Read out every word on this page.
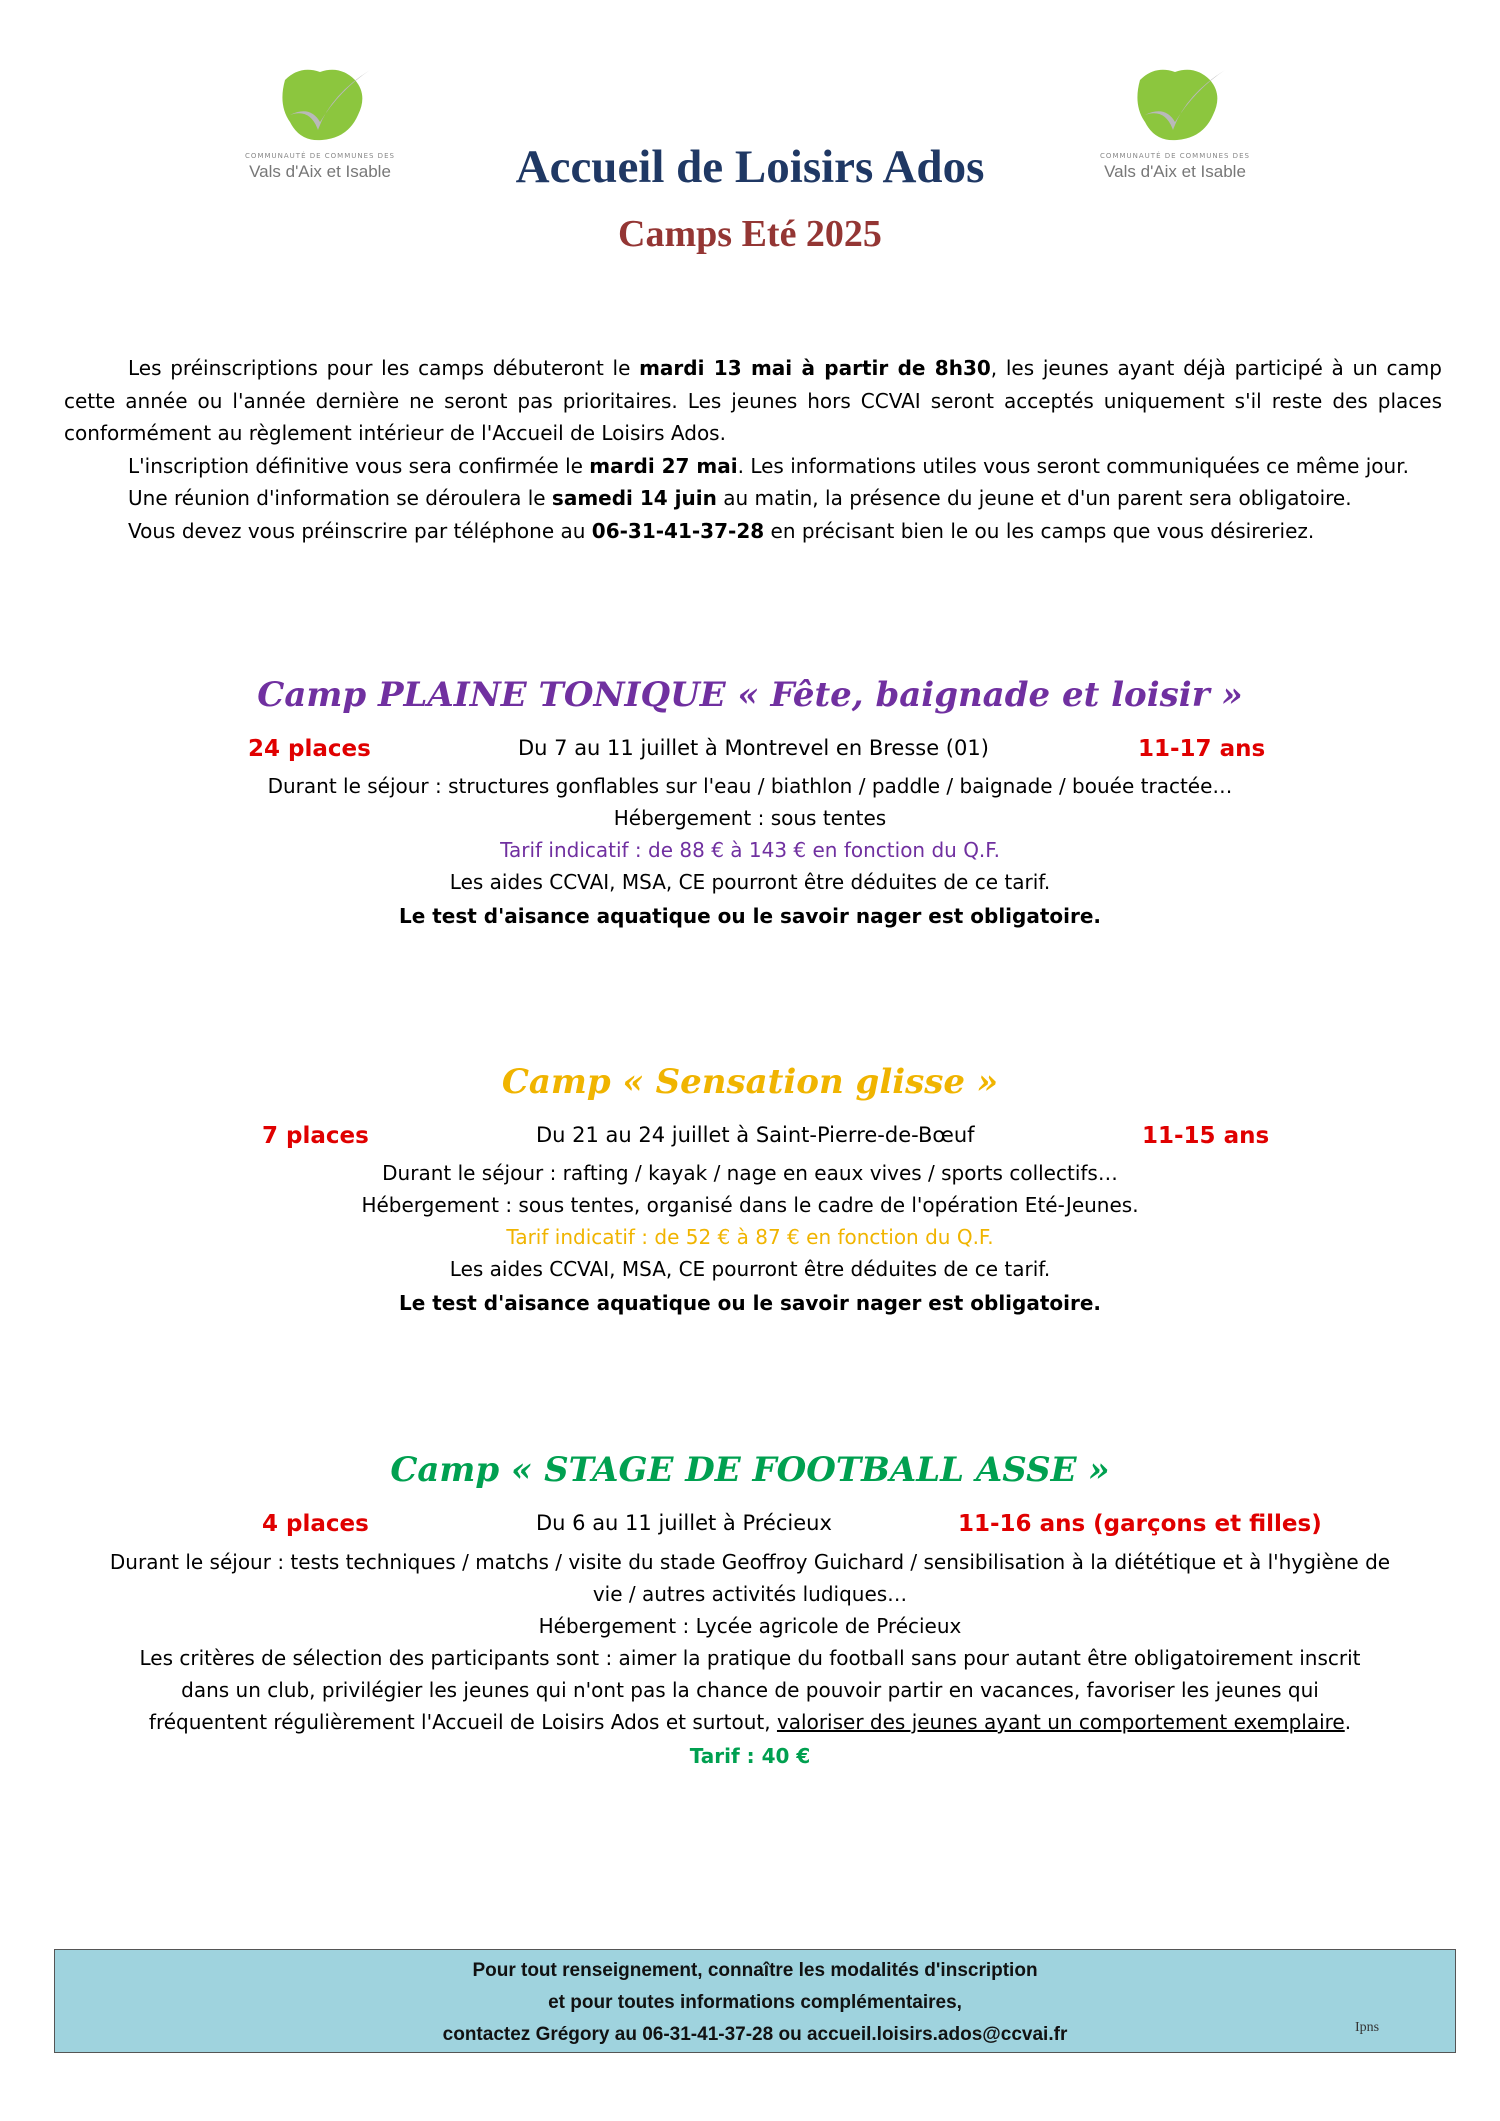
COMMUNAUTÉ DE COMMUNES DES
Vals d'Aix et Isable
COMMUNAUTÉ DE COMMUNES DES
Vals d'Aix et Isable
Accueil de Loisirs Ados
Camps Eté 2025

Les préinscriptions pour les camps débuteront le mardi 13 mai à partir de 8h30, les jeunes ayant déjà participé à un camp cette année ou l'année dernière ne seront pas prioritaires. Les jeunes hors CCVAI seront acceptés uniquement s'il reste des places conformément au règlement intérieur de l'Accueil de Loisirs Ados.

L'inscription définitive vous sera confirmée le mardi 27 mai. Les informations utiles vous seront communiquées ce même jour.

Une réunion d'information se déroulera le samedi 14 juin au matin, la présence du jeune et d'un parent sera obligatoire.

Vous devez vous préinscrire par téléphone au 06-31-41-37-28 en précisant bien le ou les camps que vous désireriez.

Camp PLAINE TONIQUE « Fête, baignade et loisir »
24 places	Du 7 au 11 juillet à Montrevel en Bresse (01)	11-17 ans
Durant le séjour : structures gonflables sur l'eau / biathlon / paddle / baignade / bouée tractée…
Hébergement : sous tentes
Tarif indicatif : de 88 € à 143 € en fonction du Q.F.
Les aides CCVAI, MSA, CE pourront être déduites de ce tarif.
Le test d'aisance aquatique ou le savoir nager est obligatoire.
Camp « Sensation glisse »
7 places	Du 21 au 24 juillet à Saint-Pierre-de-Bœuf	11-15 ans
Durant le séjour : rafting / kayak / nage en eaux vives / sports collectifs…
Hébergement : sous tentes, organisé dans le cadre de l'opération Eté-Jeunes.
Tarif indicatif : de 52 € à 87 € en fonction du Q.F.
Les aides CCVAI, MSA, CE pourront être déduites de ce tarif.
Le test d'aisance aquatique ou le savoir nager est obligatoire.
Camp « STAGE DE FOOTBALL ASSE »
4 places	Du 6 au 11 juillet à Précieux	11-16 ans (garçons et filles)
Durant le séjour : tests techniques / matchs / visite du stade Geoffroy Guichard / sensibilisation à la diététique et à l'hygiène de
vie / autres activités ludiques…
Hébergement : Lycée agricole de Précieux
Les critères de sélection des participants sont : aimer la pratique du football sans pour autant être obligatoirement inscrit
dans un club, privilégier les jeunes qui n'ont pas la chance de pouvoir partir en vacances, favoriser les jeunes qui
fréquentent régulièrement l'Accueil de Loisirs Ados et surtout, valoriser des jeunes ayant un comportement exemplaire.
Tarif : 40 €
Pour tout renseignement, connaître les modalités d'inscription
et pour toutes informations complémentaires,
contactez Grégory au 06-31-41-37-28 ou accueil.loisirs.ados@ccvai.fr	Ipns
